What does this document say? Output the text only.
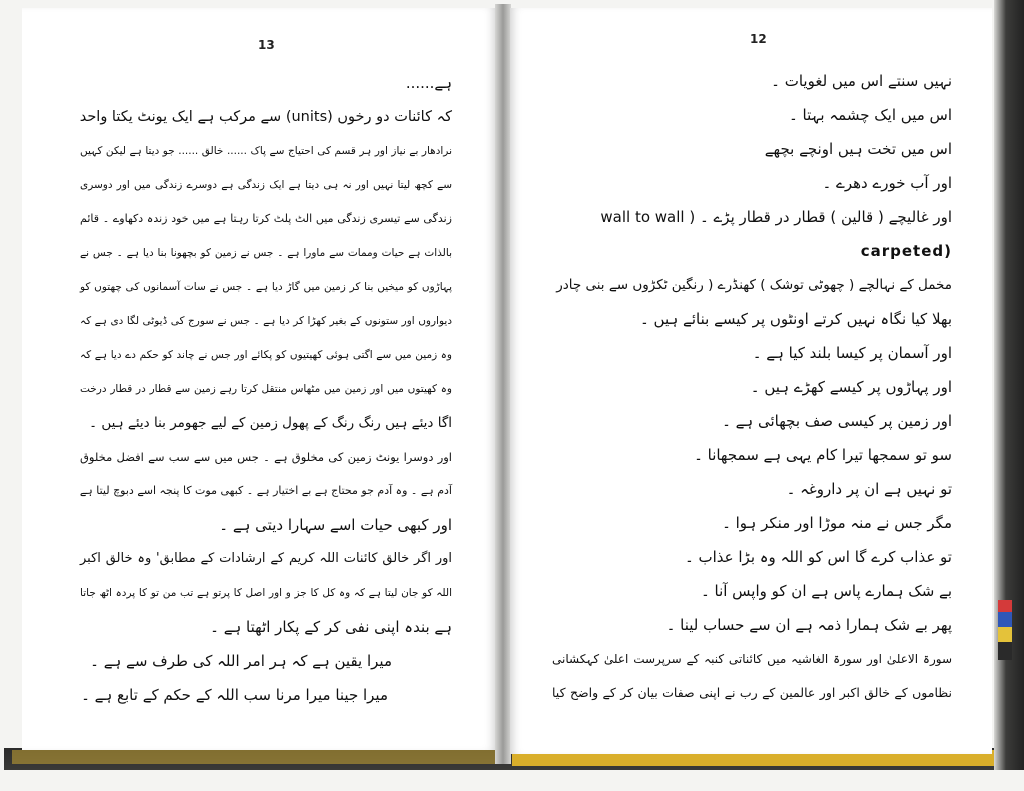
13
ہے......
کہ کائنات دو رخوں (units) سے مرکب ہے ایک یونٹ یکتا واحد
نرادھار بے نیاز اور ہر قسم کی احتیاج سے پاک ...... خالق ...... جو دیتا ہے لیکن کہیں
سے کچھ لیتا نہیں اور نہ ہی دیتا ہے ایک زندگی ہے دوسرے زندگی میں اور دوسری
زندگی سے تیسری زندگی میں الٹ پلٹ کرتا رہتا ہے میں خود زندہ دکھاوے ۔ قائم
بالذات ہے حیات وممات سے ماورا ہے ۔ جس نے زمین کو بچھونا بنا دیا ہے ۔ جس نے
پہاڑوں کو میخیں بنا کر زمین میں گاڑ دیا ہے ۔ جس نے سات آسمانوں کی چھتوں کو
دیواروں اور ستونوں کے بغیر کھڑا کر دیا ہے ۔ جس نے سورج کی ڈیوٹی لگا دی ہے کہ
وہ زمین میں سے اگتی ہوئی کھیتیوں کو پکائے اور جس نے چاند کو حکم دے دیا ہے کہ
وہ کھیتوں میں اور زمین میں مٹھاس منتقل کرتا رہے زمین سے قطار در قطار درخت
اگا دیئے ہیں رنگ رنگ کے پھول زمین کے لیے جھومر بنا دیئے ہیں ۔
اور دوسرا یونٹ زمین کی مخلوق ہے ۔ جس میں سے سب سے افضل مخلوق
آدم ہے ۔ وہ آدم جو محتاج ہے بے اختیار ہے ۔ کبھی موت کا پنجہ اسے دبوچ لیتا ہے
اور کبھی حیات اسے سہارا دیتی ہے ۔
اور اگر خالق کائنات اللہ کریم کے ارشادات کے مطابق' وہ خالق اکبر
اللہ کو جان لیتا ہے کہ وہ کل کا جز و اور اصل کا پرتو ہے تب من تو کا پردہ اٹھ جاتا
ہے بندہ اپنی نفی کر کے پکار اٹھتا ہے ۔
میرا یقین ہے کہ ہر امر اللہ کی طرف سے ہے ۔
میرا جینا میرا مرنا سب اللہ کے حکم کے تابع ہے ۔
12
نہیں سنتے اس میں لغویات ۔
اس میں ایک چشمہ بہتا ۔
اس میں تخت ہیں اونچے بچھے
اور آب خورے دھرے ۔
اور غالیچے ( قالین ) قطار در قطار پڑے ۔ ( wall to wall
carpeted)
مخمل کے نہالچے ( چھوٹی توشک ) کھنڈرے ( رنگین ٹکڑوں سے بنی چادر
بھلا کیا نگاہ نہیں کرتے اونٹوں پر کیسے بنائے ہیں ۔
اور آسمان پر کیسا بلند کیا ہے ۔
اور پہاڑوں پر کیسے کھڑے ہیں ۔
اور زمین پر کیسی صف بچھائی ہے ۔
سو تو سمجھا تیرا کام یہی ہے سمجھانا ۔
تو نہیں ہے ان پر داروغہ ۔
مگر جس نے منہ موڑا اور منکر ہوا ۔
تو عذاب کرے گا اس کو اللہ وہ بڑا عذاب ۔
بے شک ہمارے پاس ہے ان کو واپس آنا ۔
پھر بے شک ہمارا ذمہ ہے ان سے حساب لینا ۔
سورۃ الاعلیٰ اور سورۃ الغاشیہ میں کائناتی کنبہ کے سرپرست اعلیٰ کہکشانی
نظاموں کے خالق اکبر اور عالمین کے رب نے اپنی صفات بیان کر کے واضح کیا
